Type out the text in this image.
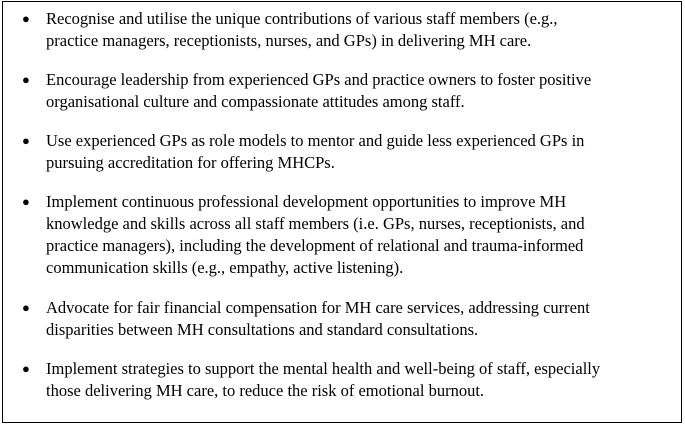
● Recognise and utilise the unique contributions of various staff members (e.g.,
practice managers, receptionists, nurses, and GPs) in delivering MH care.
● Encourage leadership from experienced GPs and practice owners to foster positive
organisational culture and compassionate attitudes among staff.
● Use experienced GPs as role models to mentor and guide less experienced GPs in
pursuing accreditation for offering MHCPs.
● Implement continuous professional development opportunities to improve MH
knowledge and skills across all staff members (i.e. GPs, nurses, receptionists, and
practice managers), including the development of relational and trauma-informed
communication skills (e.g., empathy, active listening).
● Advocate for fair financial compensation for MH care services, addressing current
disparities between MH consultations and standard consultations.
● Implement strategies to support the mental health and well-being of staff, especially
those delivering MH care, to reduce the risk of emotional burnout.
